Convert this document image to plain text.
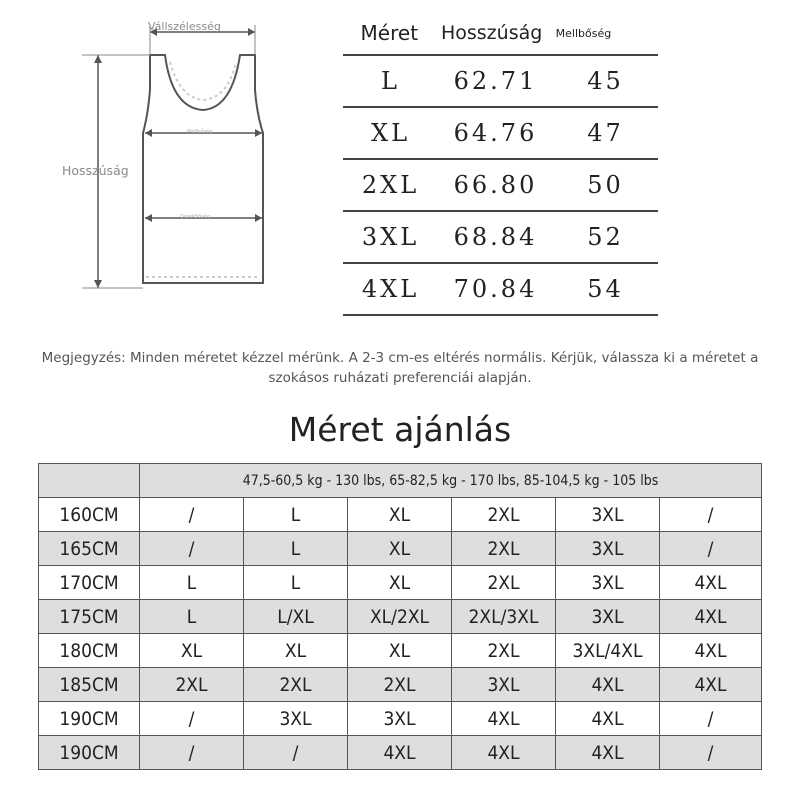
Vállszélesség
Hosszúság
Mellbőség
Derékbőség
Méret	Hosszúság	Mellbőség
L	62.71	45
XL	64.76	47
2XL	66.80	50
3XL	68.84	52
4XL	70.84	54
Megjegyzés: Minden méretet kézzel mérünk. A 2-3 cm-es eltérés normális. Kérjük, válassza ki a méretet a szokásos ruházati preferenciái alapján.
Méret ajánlás
	47,5-60,5 kg - 130 lbs, 65-82,5 kg - 170 lbs, 85-104,5 kg - 105 lbs					
160CM	/	L	XL	2XL	3XL	/
165CM	/	L	XL	2XL	3XL	/
170CM	L	L	XL	2XL	3XL	4XL
175CM	L	L/XL	XL/2XL	2XL/3XL	3XL	4XL
180CM	XL	XL	XL	2XL	3XL/4XL	4XL
185CM	2XL	2XL	2XL	3XL	4XL	4XL
190CM	/	3XL	3XL	4XL	4XL	/
190CM	/	/	4XL	4XL	4XL	/
